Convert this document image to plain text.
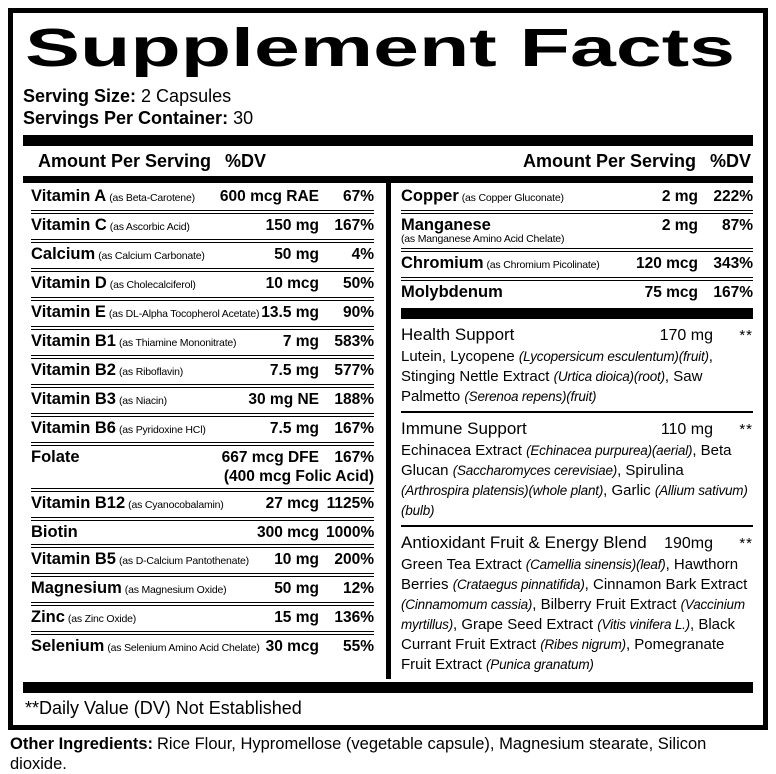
Supplement Facts
Serving Size: 2 Capsules
Servings Per Container: 30
Amount Per Serving %DV	Amount Per Serving %DV
Vitamin A (as Beta-Carotene)	600 mcg RAE	67%
Vitamin C (as Ascorbic Acid)	150 mg 167%
Calcium (as Calcium Carbonate)	50 mg	4%
Vitamin D (as Cholecalciferol)	10 mcg	50%
Vitamin E (as DL-Alpha Tocopherol Acetate) 13.5 mg	90%
Vitamin B1 (as Thiamine Mononitrate)	7 mg 583%
Vitamin B2 (as Riboflavin)	7.5 mg 577%
Vitamin B3 (as Niacin)	30 mg NE 188%
Vitamin B6 (as Pyridoxine HCl)	7.5 mg 167%
Folate	667 mcg DFE 167%
(400 mcg Folic Acid)
Vitamin B12 (as Cyanocobalamin)	27 mcg 1125%
Biotin	300 mcg 1000%
Vitamin B5 (as D-Calcium Pantothenate)	10 mg 200%
Magnesium (as Magnesium Oxide)	50 mg	12%
Zinc (as Zinc Oxide)	15 mg 136%
Selenium (as Selenium Amino Acid Chelate) 30 mcg	55%
Copper (as Copper Gluconate)	2 mg 222%
Manganese	2 mg	87%
(as Manganese Amino Acid Chelate)
Chromium (as Chromium Picolinate)	120 mcg 343%
Molybdenum	75 mcg 167%
Health Support	170 mg	**

Lutein, Lycopene (Lycopersicum esculentum)(fruit), Stinging Nettle Extract (Urtica dioica)(root), Saw Palmetto (Serenoa repens)(fruit)

Immune Support	110 mg	**

Echinacea Extract (Echinacea purpurea)(aerial), Beta Glucan (Saccharomyces cerevisiae), Spirulina (Arthrospira platensis)(whole plant), Garlic (Allium sativum)(bulb)

Antioxidant Fruit & Energy Blend	190mg	**

Green Tea Extract (Camellia sinensis)(leaf), Hawthorn Berries (Crataegus pinnatifida), Cinnamon Bark Extract (Cinnamomum cassia), Bilberry Fruit Extract (Vaccinium myrtillus), Grape Seed Extract (Vitis vinifera L.), Black Currant Fruit Extract (Ribes nigrum), Pomegranate Fruit Extract (Punica granatum)

**Daily Value (DV) Not Established
Other Ingredients: Rice Flour, Hypromellose (vegetable capsule), Magnesium stearate, Silicon dioxide.
